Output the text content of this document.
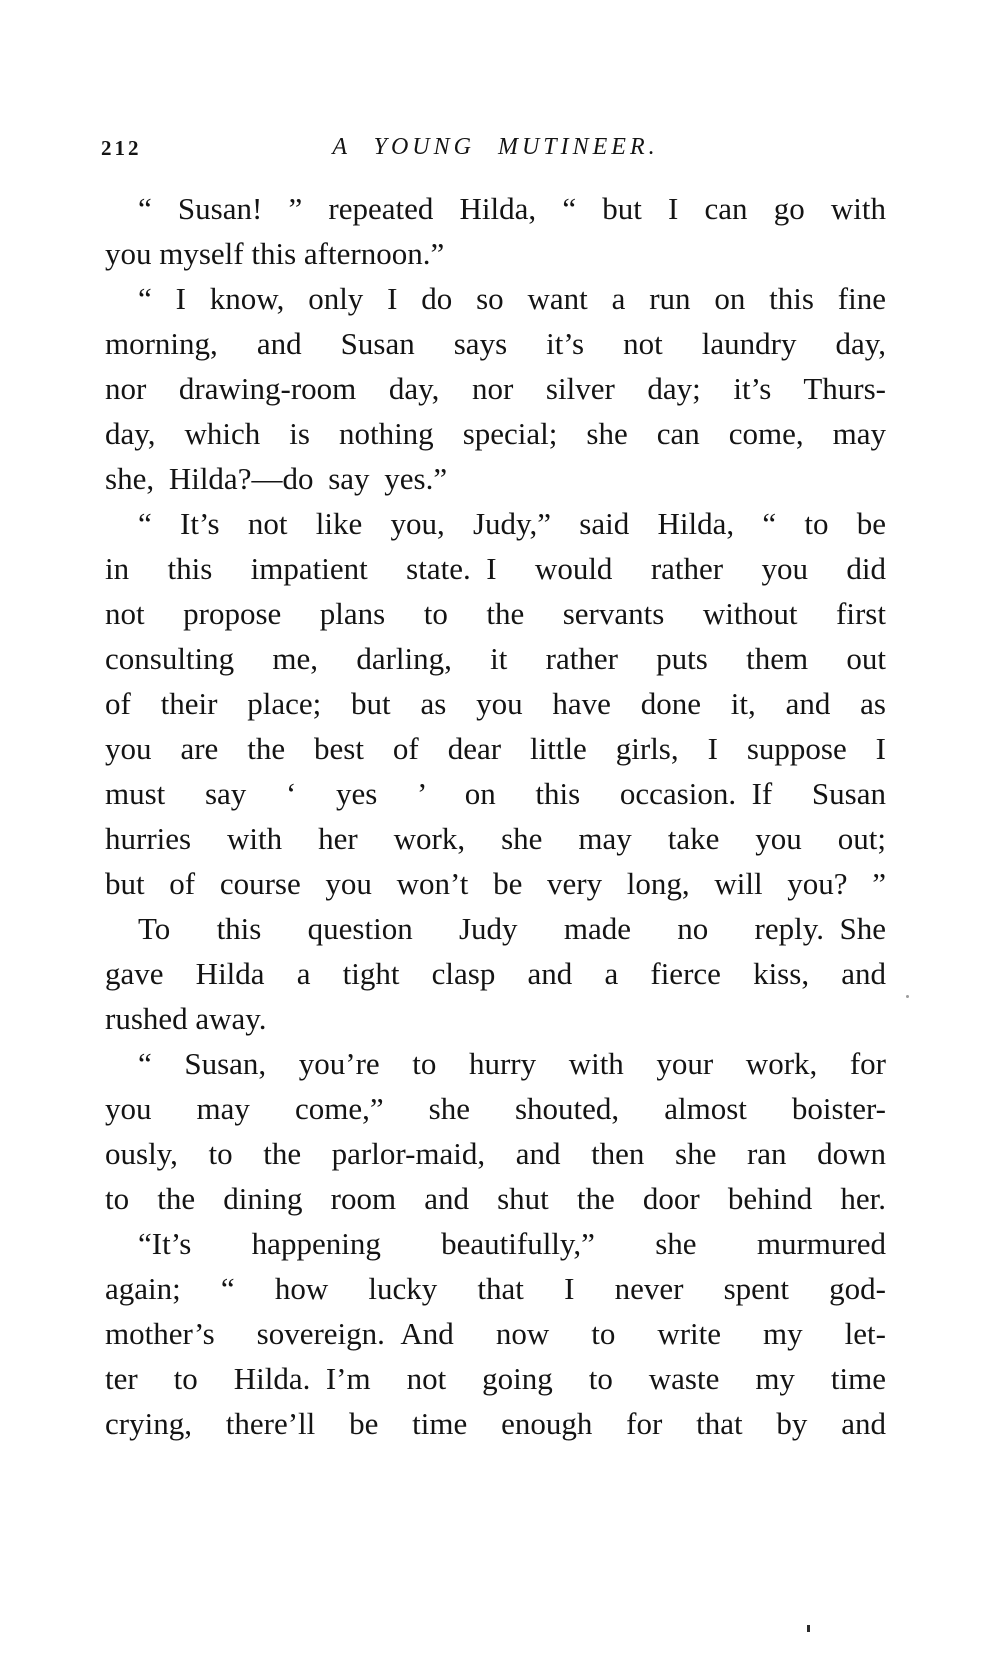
212	A YOUNG MUTINEER.
“ Susan! ” repeated Hilda, “ but I can go with
you myself this afternoon.”
“ I know, only I do so want a run on this fine
morning, and Susan says it’s not laundry day,
nor drawing-room day, nor silver day; it’s Thurs-
day, which is nothing special; she can come, may
she, Hilda?—do say yes.”
“ It’s not like you, Judy,” said Hilda, “ to be
in this impatient state. I would rather you did
not propose plans to the servants without first
consulting me, darling, it rather puts them out
of their place; but as you have done it, and as
you are the best of dear little girls, I suppose I
must say ‘ yes ’ on this occasion. If Susan
hurries with her work, she may take you out;
but of course you won’t be very long, will you? ”
To this question Judy made no reply. She
gave Hilda a tight clasp and a fierce kiss, and
rushed away.
“ Susan, you’re to hurry with your work, for
you may come,” she shouted, almost boister-
ously, to the parlor-maid, and then she ran down
to the dining room and shut the door behind her.
“It’s happening beautifully,” she murmured
again; “ how lucky that I never spent god-
mother’s sovereign. And now to write my let-
ter to Hilda. I’m not going to waste my time
crying, there’ll be time enough for that by and
